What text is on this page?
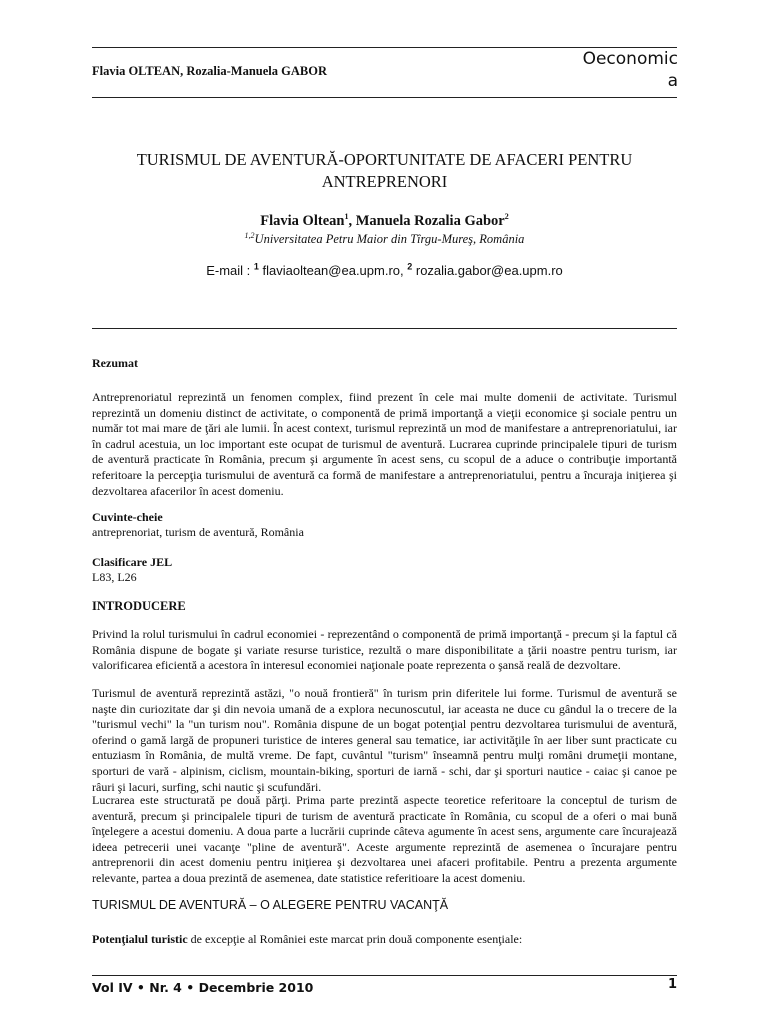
Flavia OLTEAN, Rozalia-Manuela GABOR
Oeconomic
a
TURISMUL DE AVENTURĂ-OPORTUNITATE DE AFACERI PENTRU ANTREPRENORI
Flavia Oltean$^1$, Manuela Rozalia Gabor$^2$
$^{1,2}$Universitatea Petru Maior din Tîrgu-Mureş, România
E-mail : $^1$ flaviaoltean@ea.upm.ro, $^2$ rozalia.gabor@ea.upm.ro
Rezumat
Antreprenoriatul reprezintă un fenomen complex, fiind prezent în cele mai multe domenii de activitate. Turismul reprezintă un domeniu distinct de activitate, o componentă de primă importanţă a vieţii economice şi sociale pentru un număr tot mai mare de ţări ale lumii. În acest context, turismul reprezintă un mod de manifestare a antreprenoriatului, iar în cadrul acestuia, un loc important este ocupat de turismul de aventură. Lucrarea cuprinde principalele tipuri de turism de aventură practicate în România, precum şi argumente în acest sens, cu scopul de a aduce o contribuţie importantă referitoare la percepţia turismului de aventură ca formă de manifestare a antreprenoriatului, pentru a încuraja iniţierea şi dezvoltarea afacerilor în acest domeniu.
Cuvinte-cheie
antreprenoriat, turism de aventură, România
Clasificare JEL
L83, L26
INTRODUCERE
Privind la rolul turismului în cadrul economiei - reprezentând o componentă de primă importanţă - precum şi la faptul că România dispune de bogate şi variate resurse turistice, rezultă o mare disponibilitate a ţării noastre pentru turism, iar valorificarea eficientă a acestora în interesul economiei naţionale poate reprezenta o şansă reală de dezvoltare.
Turismul de aventură reprezintă astăzi, "o nouă frontieră" în turism prin diferitele lui forme. Turismul de aventură se naşte din curiozitate dar şi din nevoia umană de a explora necunoscutul, iar aceasta ne duce cu gândul la o trecere de la "turismul vechi" la "un turism nou". România dispune de un bogat potenţial pentru dezvoltarea turismului de aventură, oferind o gamă largă de propuneri turistice de interes general sau tematice, iar activităţile în aer liber sunt practicate cu entuziasm în România, de multă vreme. De fapt, cuvântul "turism" înseamnă pentru mulţi români drumeţii montane, sporturi de vară - alpinism, ciclism, mountain-biking, sporturi de iarnă - schi, dar şi sporturi nautice - caiac şi canoe pe râuri şi lacuri, surfing, schi nautic şi scufundări.
Lucrarea este structurată pe două părţi. Prima parte prezintă aspecte teoretice referitoare la conceptul de turism de aventură, precum şi principalele tipuri de turism de aventură practicate în România, cu scopul de a oferi o mai bună înţelegere a acestui domeniu. A doua parte a lucrării cuprinde câteva agumente în acest sens, argumente care încurajează ideea petrecerii unei vacanţe "pline de aventură". Aceste argumente reprezintă de asemenea o încurajare pentru antreprenorii din acest domeniu pentru iniţierea şi dezvoltarea unei afaceri profitabile. Pentru a prezenta argumente relevante, partea a doua prezintă de asemenea, date statistice referitioare la acest domeniu.
TURISMUL DE AVENTURĂ – O ALEGERE PENTRU VACANŢĂ
Potenţialul turistic de excepţie al României este marcat prin două componente esenţiale:
Vol IV • Nr. 4 • Decembrie 2010	1
